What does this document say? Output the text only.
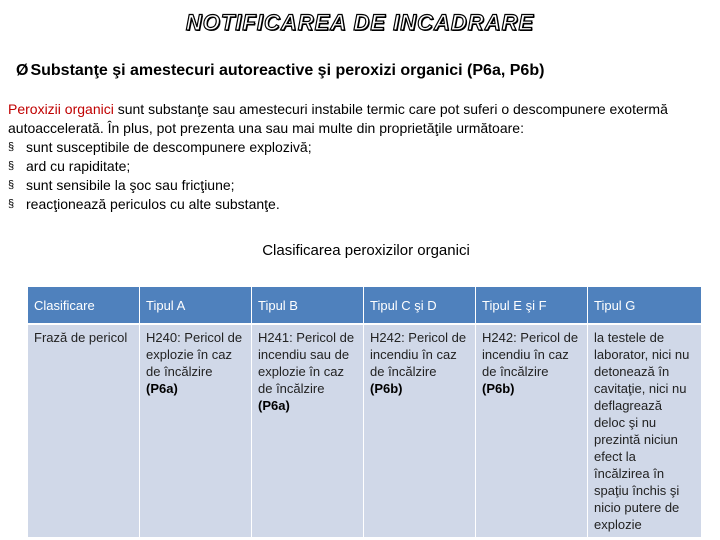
NOTIFICAREA DE INCADRARE
Ø Substanţe şi amestecuri autoreactive şi peroxizi organici (P6a, P6b)
Peroxizii organici sunt substanţe sau amestecuri instabile termic care pot suferi o descompunere exotermă autoaccelerată. În plus, pot prezenta una sau mai multe din proprietăţile următoare:
§ sunt susceptibile de descompunere explozivă;
§ ard cu rapiditate;
§ sunt sensibile la şoc sau fricţiune;
§ reacţionează periculos cu alte substanţe.
Clasificarea peroxizilor organici
Clasificare	Tipul A	Tipul B	Tipul C şi D	Tipul E şi F	Tipul G
Frază de pericol	H240: Pericol de explozie în caz de încălzire (P6a)	H241: Pericol de incendiu sau de explozie în caz de încălzire (P6a)	H242: Pericol de incendiu în caz de încălzire (P6b)	H242: Pericol de incendiu în caz de încălzire (P6b)	la testele de laborator, nici nu detonează în cavitaţie, nici nu deflagrează deloc şi nu prezintă niciun efect la încălzirea în spaţiu închis şi nicio putere de explozie
